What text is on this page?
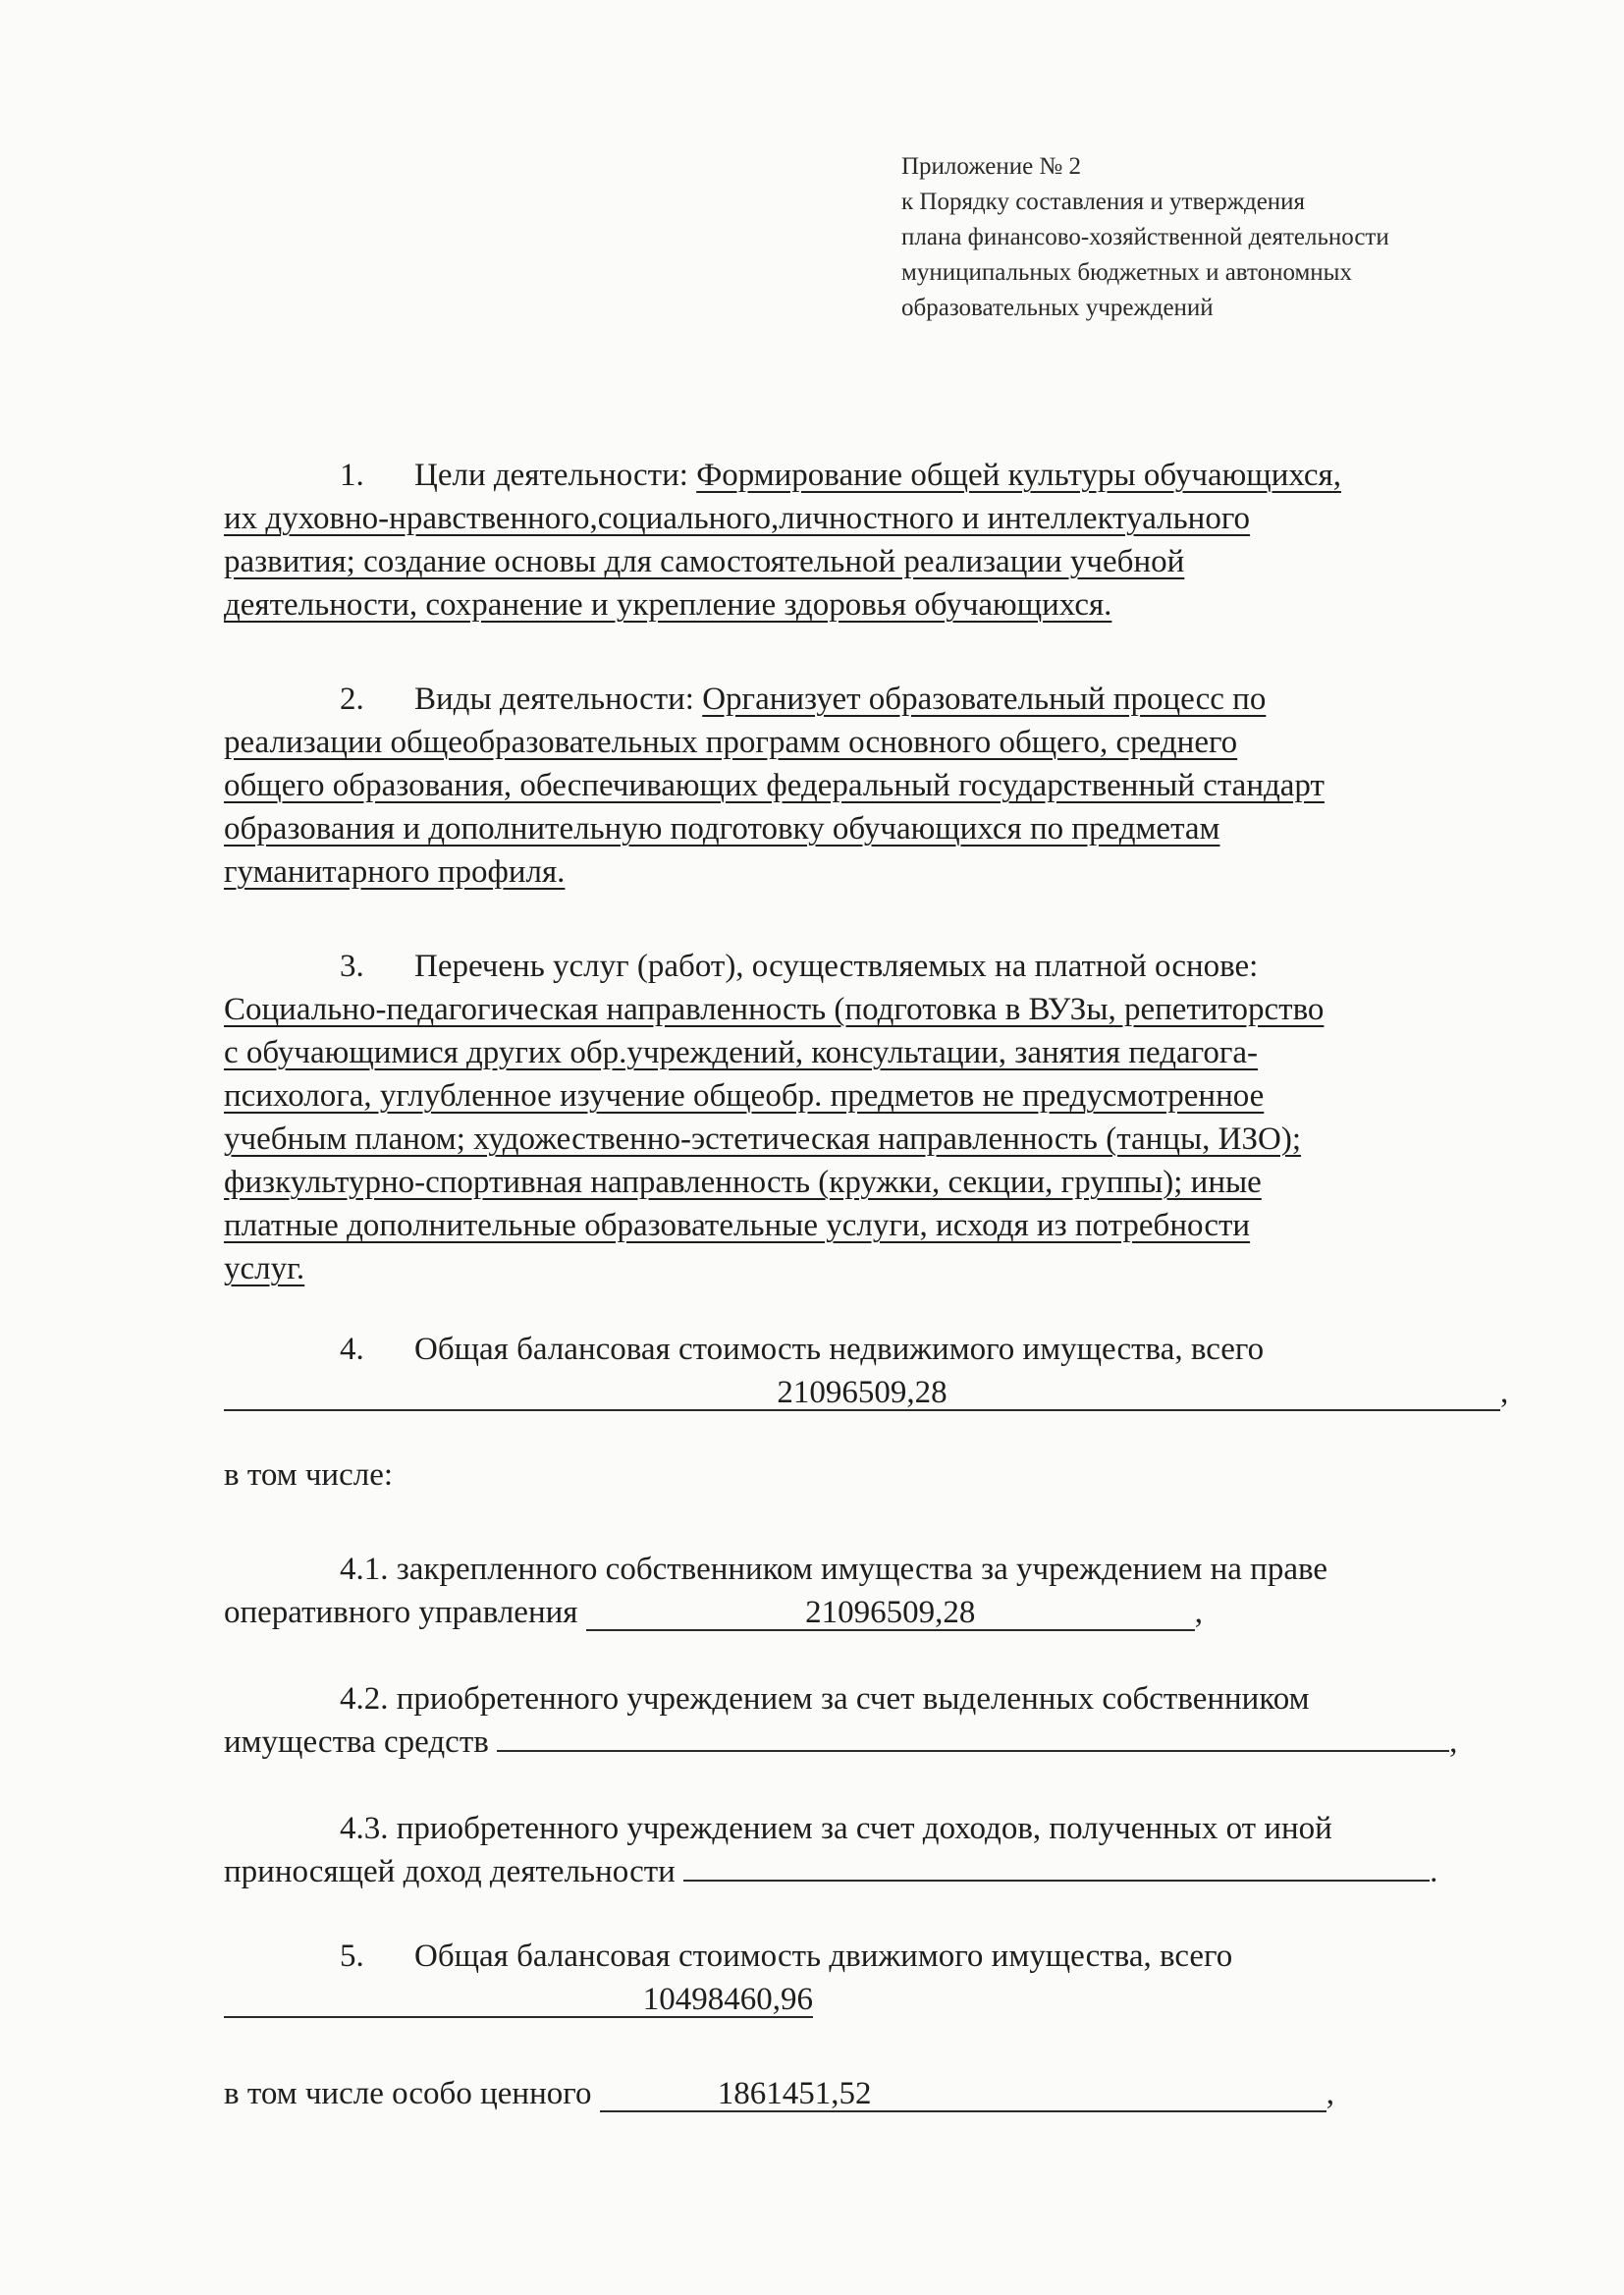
Приложение № 2
к Порядку составления и утверждения
плана финансово-хозяйственной деятельности
муниципальных бюджетных и автономных
образовательных учреждений
1. Цели деятельности: Формирование общей культуры обучающихся,
их духовно-нравственного,социального,личностного и интеллектуального
развития; создание основы для самостоятельной реализации учебной
деятельности, сохранение и укрепление здоровья обучающихся.
2. Виды деятельности: Организует образовательный процесс по
реализации общеобразовательных программ основного общего, среднего
общего образования, обеспечивающих федеральный государственный стандарт
образования и дополнительную подготовку обучающихся по предметам
гуманитарного профиля.
3. Перечень услуг (работ), осуществляемых на платной основе:
Социально-педагогическая направленность (подготовка в ВУЗы, репетиторство
с обучающимися других обр.учреждений, консультации, занятия педагога-
психолога, углубленное изучение общеобр. предметов не предусмотренное
учебным планом; художественно-эстетическая направленность (танцы, ИЗО);
физкультурно-спортивная направленность (кружки, секции, группы); иные
платные дополнительные образовательные услуги, исходя из потребности
услуг.
4. Общая балансовая стоимость недвижимого имущества, всего
21096509,28	,
в том числе:
4.1. закрепленного собственником имущества за учреждением на праве
оперативного управления	21096509,28	,
4.2. приобретенного учреждением за счет выделенных собственником
имущества средств	,
4.3. приобретенного учреждением за счет доходов, полученных от иной
приносящей доход деятельности	.
5. Общая балансовая стоимость движимого имущества, всего
10498460,96
в том числе особо ценного	1861451,52	,
